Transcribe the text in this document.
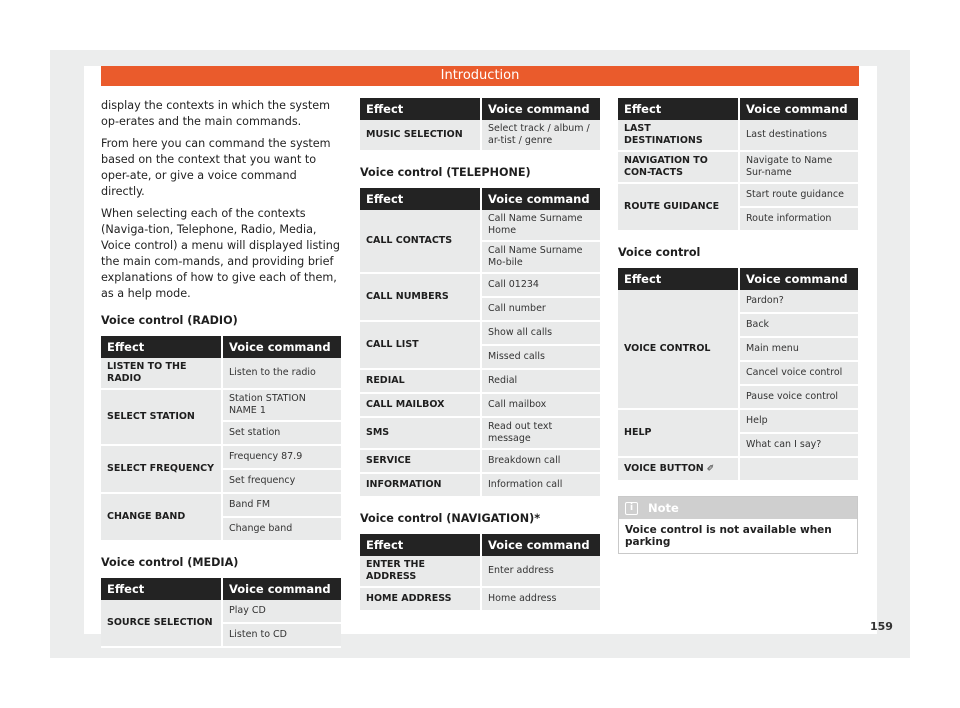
Introduction

display the contexts in which the system op-erates and the main commands.

From here you can command the system based on the context that you want to oper-ate, or give a voice command directly.

When selecting each of the contexts (Naviga-tion, Telephone, Radio, Media, Voice control) a menu will displayed listing the main com-mands, and providing brief explanations of how to give each of them, as a help mode.

Voice control (RADIO)
Effect	Voice command
LISTEN TO THE RADIO	Listen to the radio
SELECT STATION	Station STATION NAME 1
	Set station
SELECT FREQUENCY	Frequency 87.9
	Set frequency
CHANGE BAND	Band FM
	Change band
Voice control (MEDIA)
Effect	Voice command
SOURCE SELECTION	Play CD
	Listen to CD
Effect	Voice command
MUSIC SELECTION	Select track / album / ar-tist / genre
Voice control (TELEPHONE)
Effect	Voice command
CALL CONTACTS	Call Name Surname Home
	Call Name Surname Mo-bile
CALL NUMBERS	Call 01234
	Call number
CALL LIST	Show all calls
	Missed calls
REDIAL	Redial
CALL MAILBOX	Call mailbox
SMS	Read out text message
SERVICE	Breakdown call
INFORMATION	Information call
Voice control (NAVIGATION)*
Effect	Voice command
ENTER THE ADDRESS	Enter address
HOME ADDRESS	Home address
Effect	Voice command
LAST DESTINATIONS	Last destinations
NAVIGATION TO CON-TACTS	Navigate to Name Sur-name
ROUTE GUIDANCE	Start route guidance
	Route information
Voice control
Effect	Voice command
VOICE CONTROL	Pardon?
	Back
	Main menu
	Cancel voice control
	Pause voice control
HELP	Help
	What can I say?
VOICE BUTTON ✐	
i	Note
Voice control is not available when parking
159
